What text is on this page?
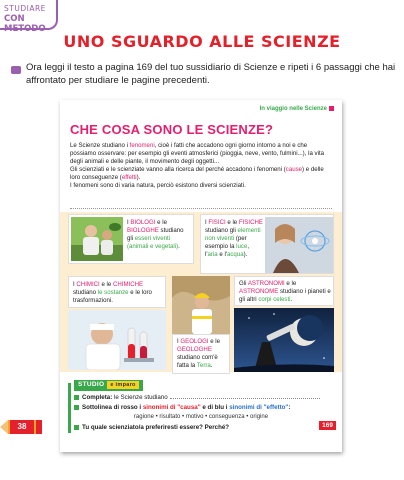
STUDIARE
CON METODO
UNO SGUARDO ALLE SCIENZE
Ora leggi il testo a pagina 169 del tuo sussidiario di Scienze e ripeti i 6 passaggi che hai affrontato per studiare le pagine precedenti.
In viaggio nelle Scienze
CHE COSA SONO LE SCIENZE?

Le Scienze studiano i fenomeni, cioè i fatti che accadono ogni giorno intorno a noi e che possiamo osservare: per esempio gli eventi atmosferici (pioggia, neve, vento, fulmini...), la vita degli animali e delle piante, il movimento degli oggetti...

Gli scienziati e le scienziate vanno alla ricerca del perché accadono i fenomeni (cause) e delle loro conseguenze (effetti).

I fenomeni sono di varia natura, perciò esistono diversi scienziati.

I BIOLOGI e le BIOLOGHE studiano gli esseri viventi (animali e vegetali).
I FISICI e le FISICHE studiano gli elementi non viventi (per esempio la luce, l'aria e l'acqua).
I CHIMICI e le CHIMICHE studiano le sostanze e le loro trasformazioni.
I GEOLOGI e le GEOLOGHE studiano com'è fatta la Terra.
Gli ASTRONOMI e le ASTRONOME studiano i pianeti e gli altri corpi celesti.
STUDIO e imparo
Completa: le Scienze studiano
Sottolinea di rosso i sinonimi di "causa" e di blu i sinonimi di "effetto":
ragione • risultato • motivo • conseguenza • origine
Tu quale scienziato/a preferiresti essere? Perché?	169
38
